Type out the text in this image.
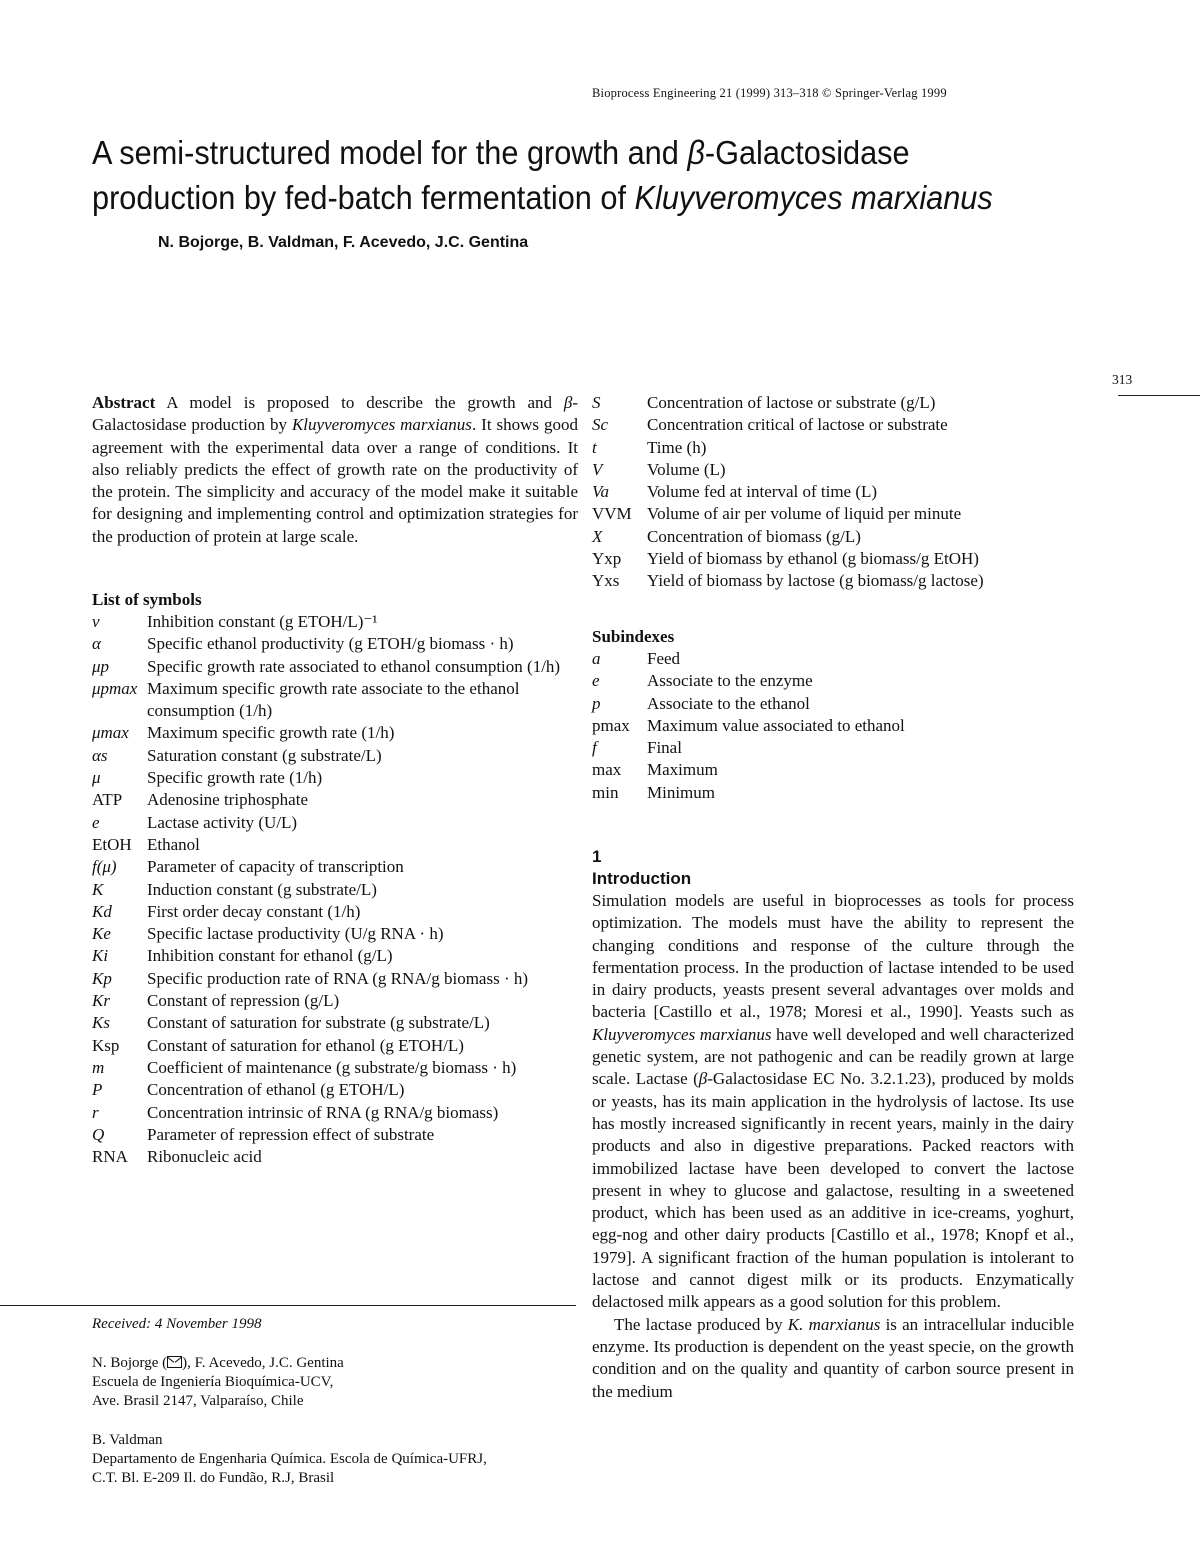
Bioprocess Engineering 21 (1999) 313–318 © Springer-Verlag 1999
A semi-structured model for the growth and β-Galactosidase production by fed-batch fermentation of Kluyveromyces marxianus
N. Bojorge, B. Valdman, F. Acevedo, J.C. Gentina
313
Abstract A model is proposed to describe the growth and β-Galactosidase production by Kluyveromyces marxianus. It shows good agreement with the experimental data over a range of conditions. It also reliably predicts the effect of growth rate on the productivity of the protein. The simplicity and accuracy of the model make it suitable for designing and implementing control and optimization strategies for the production of protein at large scale.
List of symbols
ν	Inhibition constant (g ETOH/L)⁻¹
α	Specific ethanol productivity (g ETOH/g biomass · h)
μp	Specific growth rate associated to ethanol consumption (1/h)
μpmax	Maximum specific growth rate associate to the ethanol consumption (1/h)
μmax	Maximum specific growth rate (1/h)
αs	Saturation constant (g substrate/L)
μ	Specific growth rate (1/h)
ATP	Adenosine triphosphate
e	Lactase activity (U/L)
EtOH	Ethanol
f(μ)	Parameter of capacity of transcription
K	Induction constant (g substrate/L)
Kd	First order decay constant (1/h)
Ke	Specific lactase productivity (U/g RNA · h)
Ki	Inhibition constant for ethanol (g/L)
Kp	Specific production rate of RNA (g RNA/g biomass · h)
Kr	Constant of repression (g/L)
Ks	Constant of saturation for substrate (g substrate/L)
Ksp	Constant of saturation for ethanol (g ETOH/L)
m	Coefficient of maintenance (g substrate/g biomass · h)
P	Concentration of ethanol (g ETOH/L)
r	Concentration intrinsic of RNA (g RNA/g biomass)
Q	Parameter of repression effect of substrate
RNA	Ribonucleic acid
S	Concentration of lactose or substrate (g/L)
Sc	Concentration critical of lactose or substrate
t	Time (h)
V	Volume (L)
Va	Volume fed at interval of time (L)
VVM	Volume of air per volume of liquid per minute
X	Concentration of biomass (g/L)
Yxp	Yield of biomass by ethanol (g biomass/g EtOH)
Yxs	Yield of biomass by lactose (g biomass/g lactose)
Subindexes
a	Feed
e	Associate to the enzyme
p	Associate to the ethanol
pmax	Maximum value associated to ethanol
f	Final
max	Maximum
min	Minimum
1
Introduction

Simulation models are useful in bioprocesses as tools for process optimization. The models must have the ability to represent the changing conditions and response of the culture through the fermentation process. In the production of lactase intended to be used in dairy products, yeasts present several advantages over molds and bacteria [Castillo et al., 1978; Moresi et al., 1990]. Yeasts such as Kluyveromyces marxianus have well developed and well characterized genetic system, are not pathogenic and can be readily grown at large scale. Lactase (β-Galactosidase EC No. 3.2.1.23), produced by molds or yeasts, has its main application in the hydrolysis of lactose. Its use has mostly increased significantly in recent years, mainly in the dairy products and also in digestive preparations. Packed reactors with immobilized lactase have been developed to convert the lactose present in whey to glucose and galactose, resulting in a sweetened product, which has been used as an additive in ice-creams, yoghurt, egg-nog and other dairy products [Castillo et al., 1978; Knopf et al., 1979]. A significant fraction of the human population is intolerant to lactose and cannot digest milk or its products. Enzymatically delactosed milk appears as a good solution for this problem.

The lactase produced by K. marxianus is an intracellular inducible enzyme. Its production is dependent on the yeast specie, on the growth condition and on the quality and quantity of carbon source present in the medium

Received: 4 November 1998
N. Bojorge ( ), F. Acevedo, J.C. Gentina
Escuela de Ingeniería Bioquímica-UCV,
Ave. Brasil 2147, Valparaíso, Chile
B. Valdman
Departamento de Engenharia Química. Escola de Química-UFRJ,
C.T. Bl. E-209 Il. do Fundão, R.J, Brasil
